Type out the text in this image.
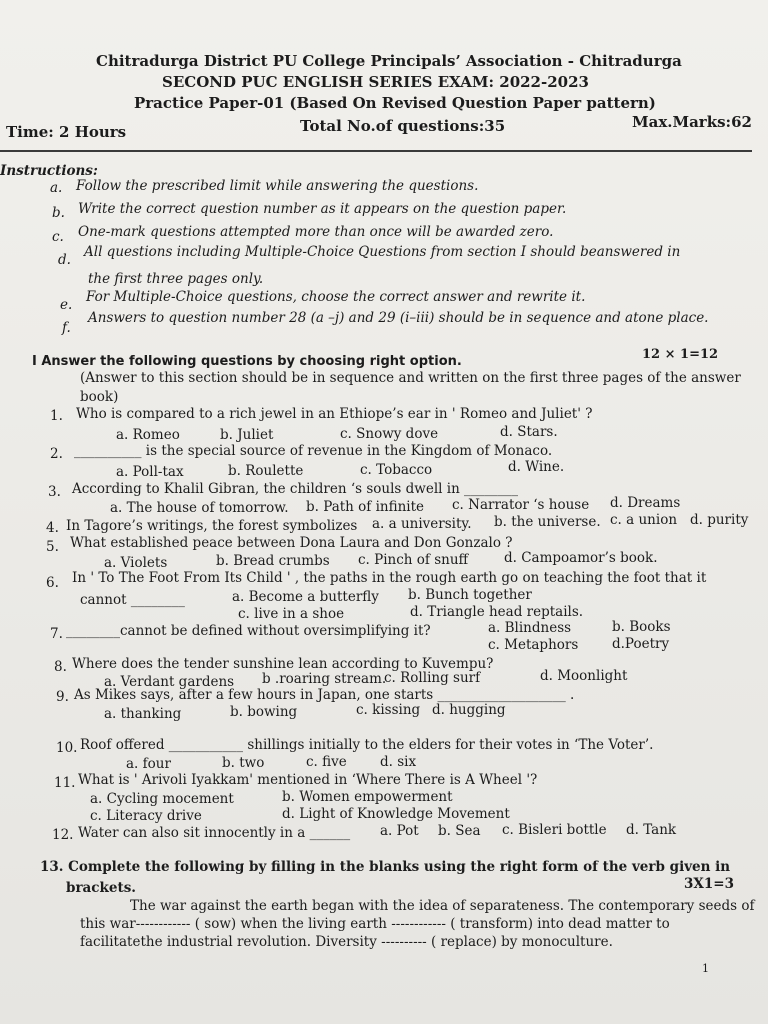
Chitradurga District PU College Principals’ Association - Chitradurga
SECOND PUC ENGLISH SERIES EXAM: 2022-2023
Practice Paper-01 (Based On Revised Question Paper pattern)
Time: 2 Hours	Total No.of questions:35	Max.Marks:62
Instructions:
a. Follow the prescribed limit while answering the questions.
b. Write the correct question number as it appears on the question paper.
c. One-mark questions attempted more than once will be awarded zero.
d. All questions including Multiple-Choice Questions from section I should beanswered in
the first three pages only.
e. For Multiple-Choice questions, choose the correct answer and rewrite it.
f.
Answers to question number 28 (a –j) and 29 (i–iii) should be in sequence and atone place.
I Answer the following questions by choosing right option.	12 × 1=12
(Answer to this section should be in sequence and written on the first three pages of the answer
book)
1. Who is compared to a rich jewel in an Ethiope’s ear in ' Romeo and Juliet' ?
a. Romeo	b. Juliet	c. Snowy dove	d. Stars.
2. __________ is the special source of revenue in the Kingdom of Monaco.
a. Poll-tax	b. Roulette	c. Tobacco	d. Wine.
3. According to Khalil Gibran, the children ‘s souls dwell in ________
a. The house of tomorrow. b. Path of infinite c. Narrator ‘s house d. Dreams
4. In Tagore’s writings, the forest symbolizes a. a university. b. the universe. c. a union d. purity
5. What established peace between Dona Laura and Don Gonzalo ?
a. Violets	b. Bread crumbs c. Pinch of snuff	d. Campoamor’s book.
6. In ' To The Foot From Its Child ' , the paths in the rough earth go on teaching the foot that it
cannot ________	a. Become a butterfly b. Bunch together
c. live in a shoe	d. Triangle head reptails.
7. ________cannot be defined without oversimplifying it?	a. Blindness	b. Books
c. Metaphors d.Poetry
8. Where does the tender sunshine lean according to Kuvempu?
a. Verdant gardens b .roaring stream.
c. Rolling surf	d. Moonlight
9. As Mikes says, after a few hours in Japan, one starts ___________________ .
a. thanking	b. bowing	c. kissing d. hugging
10. Roof offered ___________ shillings initially to the elders for their votes in ‘The Voter’.
a. four	b. two	c. five d. six
11. What is ' Arivoli Iyakkam' mentioned in ‘Where There is A Wheel '?
a. Cycling mocement	b. Women empowerment
c. Literacy drive	d. Light of Knowledge Movement
12. Water can also sit innocently in a ______ a. Pot b. Sea c. Bisleri bottle d. Tank
13. Complete the following by filling in the blanks using the right form of the verb given in
brackets.	3X1=3
The war against the earth began with the idea of separateness. The contemporary seeds of
this war------------ ( sow) when the living earth ------------ ( transform) into dead matter to
facilitatethe industrial revolution. Diversity ---------- ( replace) by monoculture.
1
